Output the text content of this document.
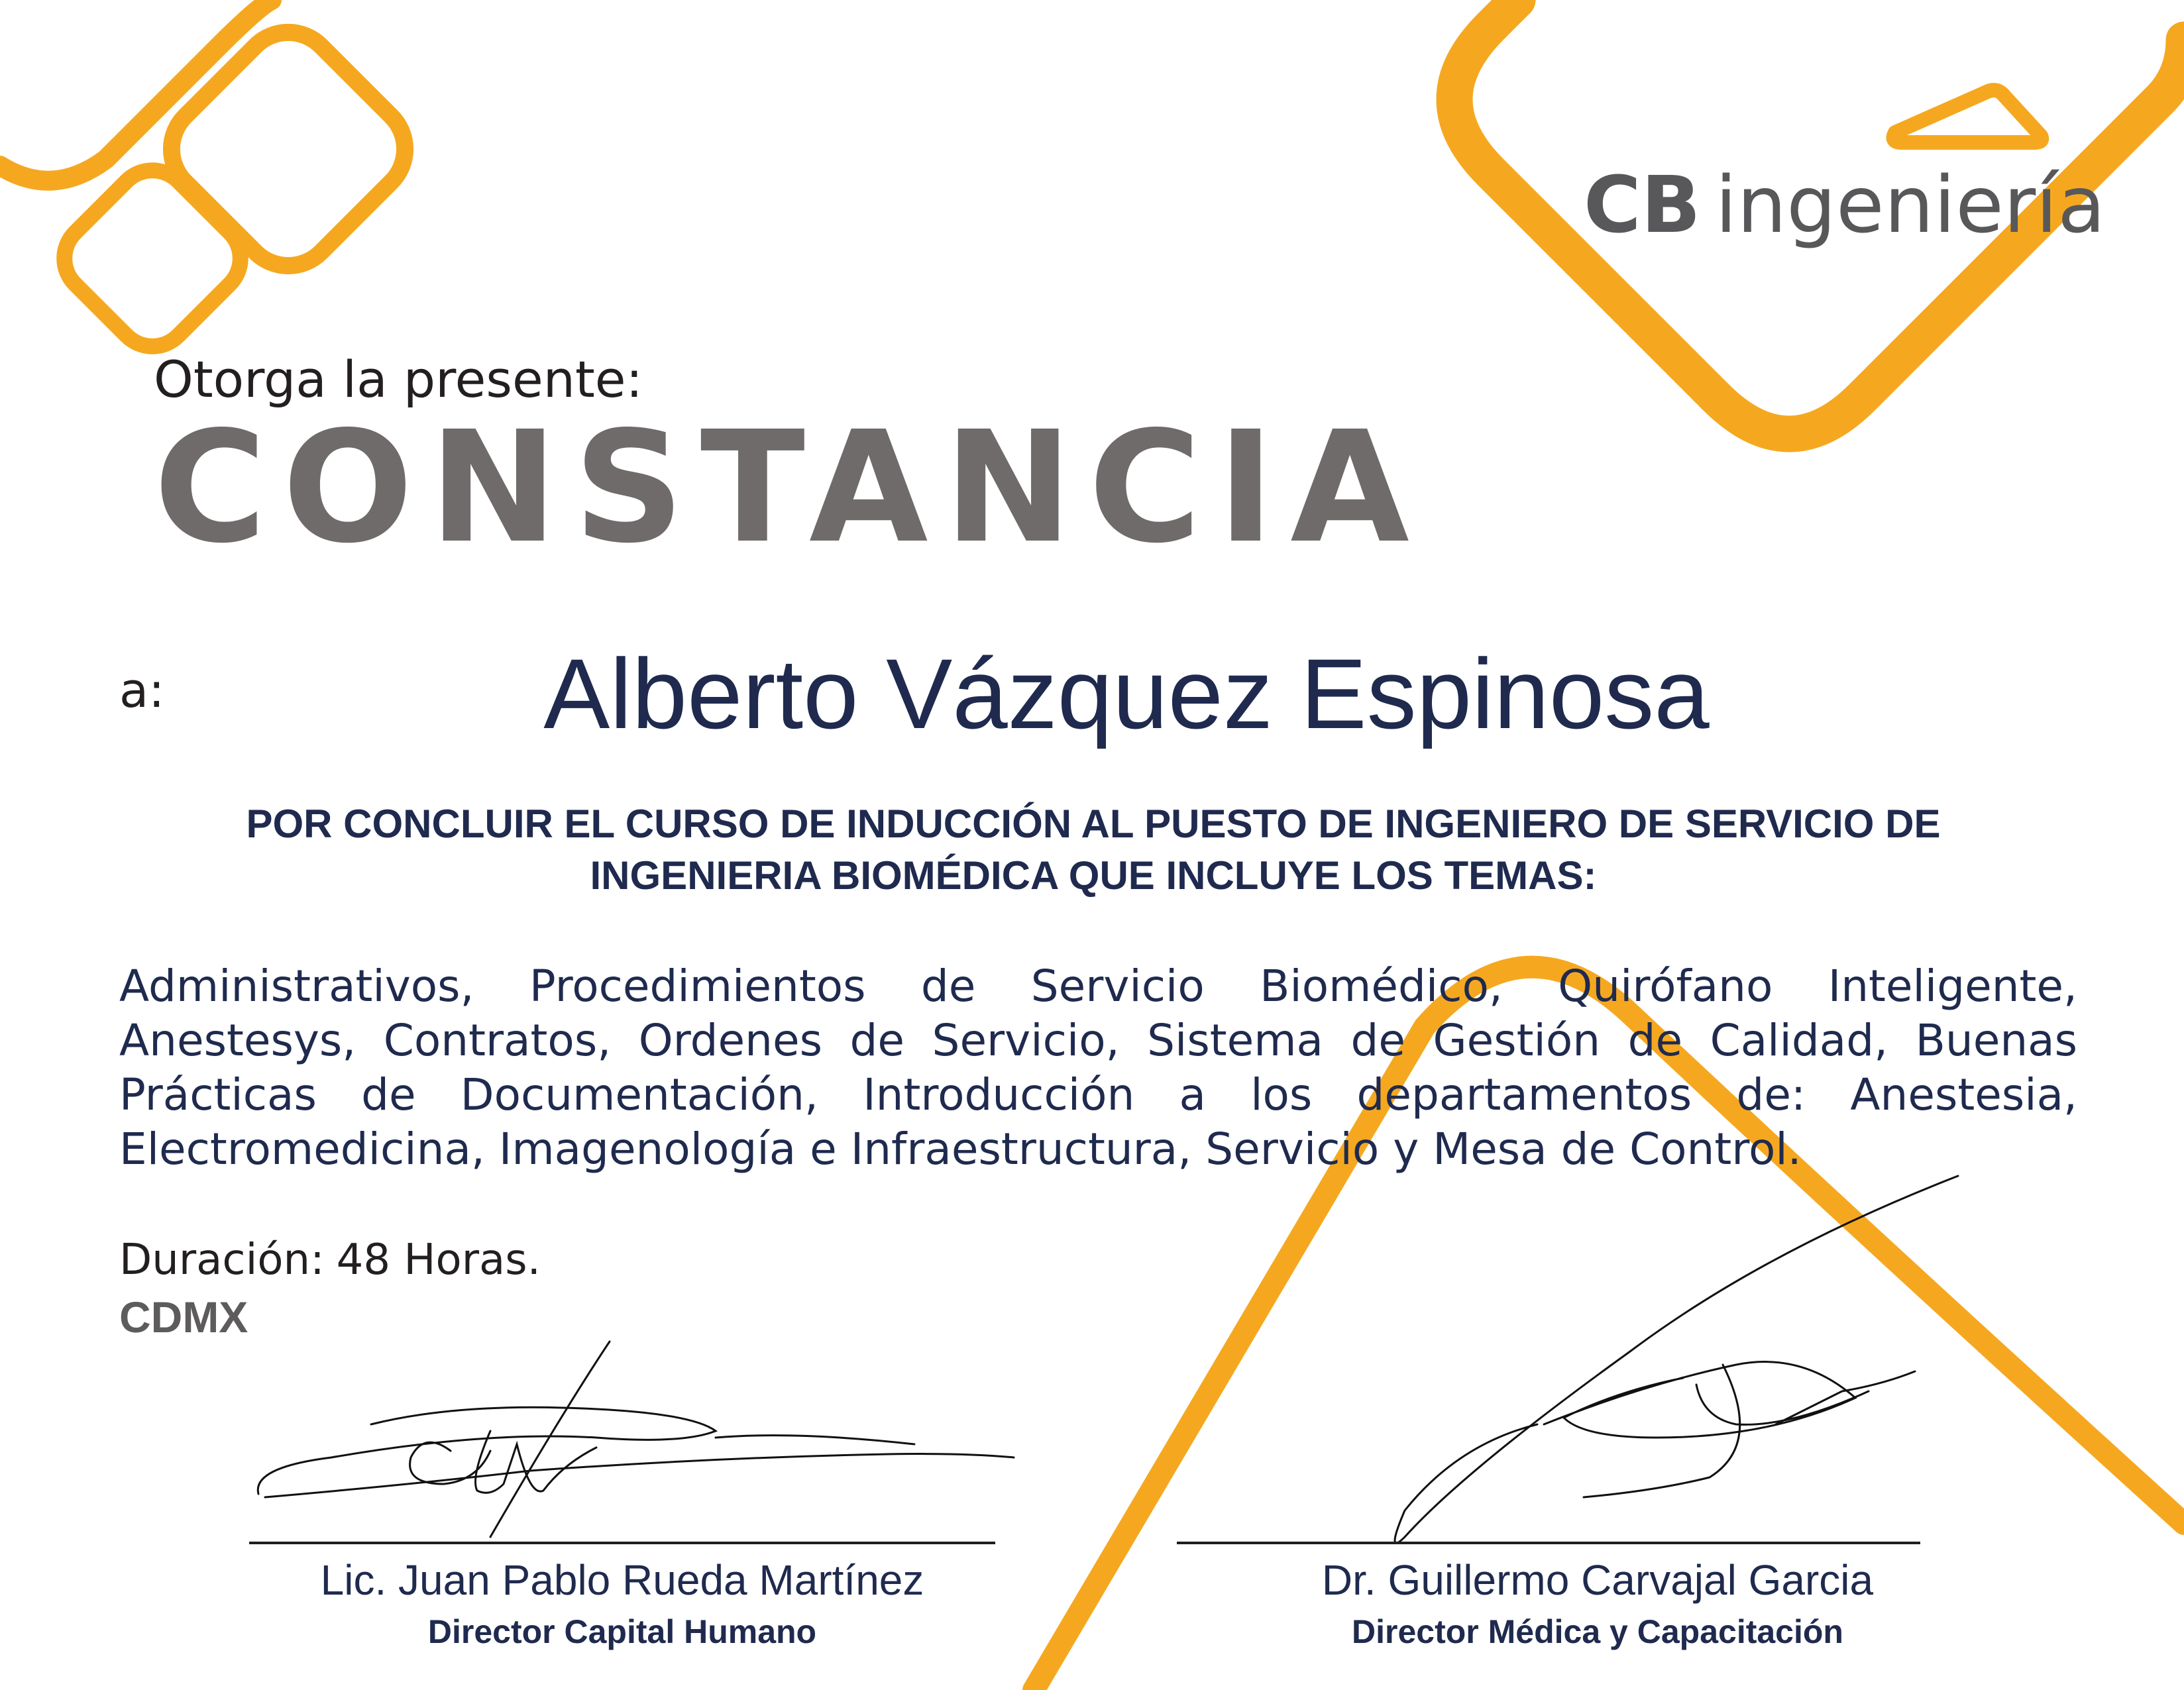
CB ingeniería

Otorga la presente:

CONSTANCIA

a:	Alberto Vázquez Espinosa

POR CONCLUIR EL CURSO DE INDUCCIÓN AL PUESTO DE INGENIERO DE SERVICIO DE
INGENIERIA BIOMÉDICA QUE INCLUYE LOS TEMAS:

Administrativos, Procedimientos de Servicio Biomédico, Quirófano Inteligente, Anestesys, Contratos, Ordenes de Servicio, Sistema de Gestión de Calidad, Buenas Prácticas de Documentación, Introducción a los departamentos de: Anestesia, Electromedicina, Imagenología e Infraestructura, Servicio y Mesa de Control.

Duración: 48 Horas.

CDMX

Lic. Juan Pablo Rueda Martínez
Director Capital Humano
Dr. Guillermo Carvajal Garcia
Director Médica y Capacitación
